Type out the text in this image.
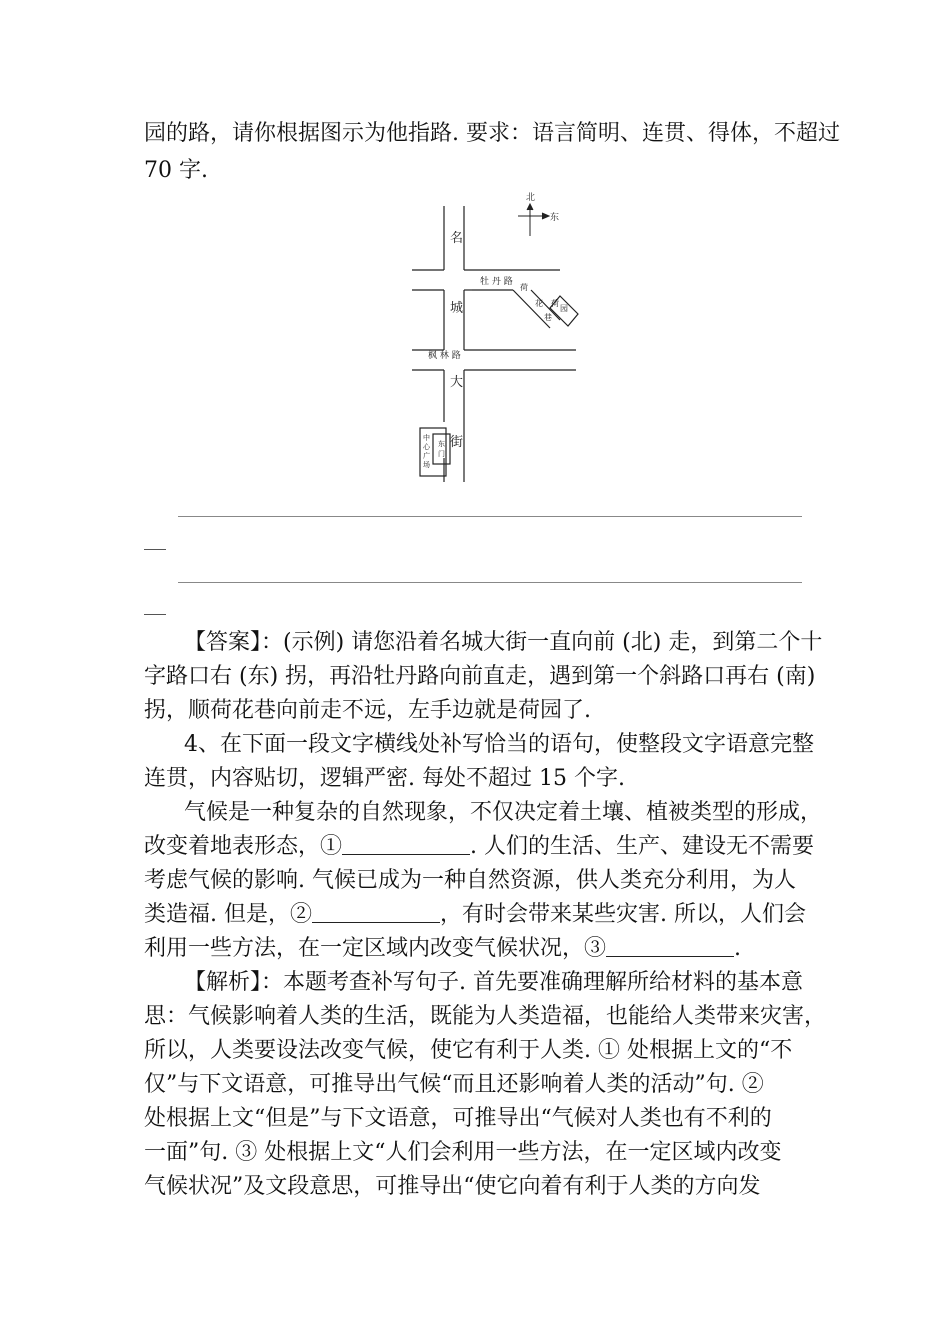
园的路，请你根据图示为他指路. 要求：语言简明、连贯、得体，不超过
70 字.
北
东
名
城
大
街
牡 丹 路
枫 林 路
荷
花
巷
荷
园
中
心
广
场
东
门
【答案】：(示例) 请您沿着名城大街一直向前 (北) 走，到第二个十
字路口右 (东) 拐，再沿牡丹路向前直走，遇到第一个斜路口再右 (南)
拐，顺荷花巷向前走不远，左手边就是荷园了.
4、在下面一段文字横线处补写恰当的语句，使整段文字语意完整
连贯，内容贴切，逻辑严密. 每处不超过 15 个字.
气候是一种复杂的自然现象，不仅决定着土壤、植被类型的形成，
改变着地表形态，①	. 人们的生活、生产、建设无不需要
考虑气候的影响. 气候已成为一种自然资源，供人类充分利用，为人
类造福. 但是，②	，有时会带来某些灾害. 所以，人们会
利用一些方法，在一定区域内改变气候状况，③	.
【解析】：本题考查补写句子. 首先要准确理解所给材料的基本意
思：气候影响着人类的生活，既能为人类造福，也能给人类带来灾害，
所以，人类要设法改变气候，使它有利于人类. ① 处根据上文的“不
仅”与下文语意，可推导出气候“而且还影响着人类的活动”句. ②
处根据上文“但是”与下文语意，可推导出“气候对人类也有不利的
一面”句. ③ 处根据上文“人们会利用一些方法，在一定区域内改变
气候状况”及文段意思，可推导出“使它向着有利于人类的方向发
